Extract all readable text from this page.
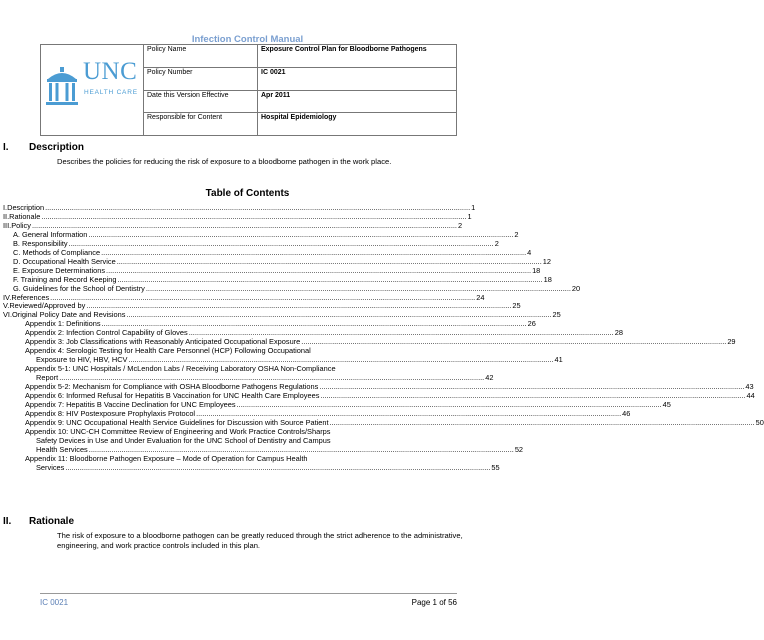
Infection Control Manual
UNC
HEALTH CARE	Policy Name	Exposure Control Plan for Bloodborne Pathogens
	Policy Number	IC 0021
	Date this Version Effective	Apr 2011
	Responsible for Content	Hospital Epidemiology
I. Description
Describes the policies for reducing the risk of exposure to a bloodborne pathogen in the work place.
Table of Contents
I. Description .....	1
II. Rationale .....	1
III. Policy .....	2
A. General Information .....	2
B. Responsibility .....	2
C. Methods of Compliance .....	4
D. Occupational Health Service .....	12
E. Exposure Determinations .....	18
F. Training and Record Keeping .....	18
G. Guidelines for the School of Dentistry .....	20
IV. References .....	24
V. Reviewed/Approved by .....	25
VI. Original Policy Date and Revisions .....	25
Appendix 1: Definitions .....	26
Appendix 2: Infection Control Capability of Gloves .....	28
Appendix 3: Job Classifications with Reasonably Anticipated Occupational Exposure .....	29
Appendix 4: Serologic Testing for Health Care Personnel (HCP) Following Occupational
Exposure to HIV, HBV, HCV .....	41
Appendix 5-1: UNC Hospitals / McLendon Labs / Receiving Laboratory OSHA Non-Compliance
Report .....	42
Appendix 5-2: Mechanism for Compliance with OSHA Bloodborne Pathogens Regulations .....	43
Appendix 6: Informed Refusal for Hepatitis B Vaccination for UNC Health Care Employees .....	44
Appendix 7: Hepatitis B Vaccine Declination for UNC Employees .....	45
Appendix 8: HIV Postexposure Prophylaxis Protocol .....	46
Appendix 9: UNC Occupational Health Service Guidelines for Discussion with Source Patient .....	50
Appendix 10: UNC-CH Committee Review of Engineering and Work Practice Controls/Sharps
Safety Devices in Use and Under Evaluation for the UNC School of Dentistry and Campus
Health Services .....	52
Appendix 11: Bloodborne Pathogen Exposure – Mode of Operation for Campus Health
Services .....	55
II. Rationale
The risk of exposure to a bloodborne pathogen can be greatly reduced through the strict adherence to the administrative, engineering, and work practice controls included in this plan.
IC 0021	Page 1 of 56
